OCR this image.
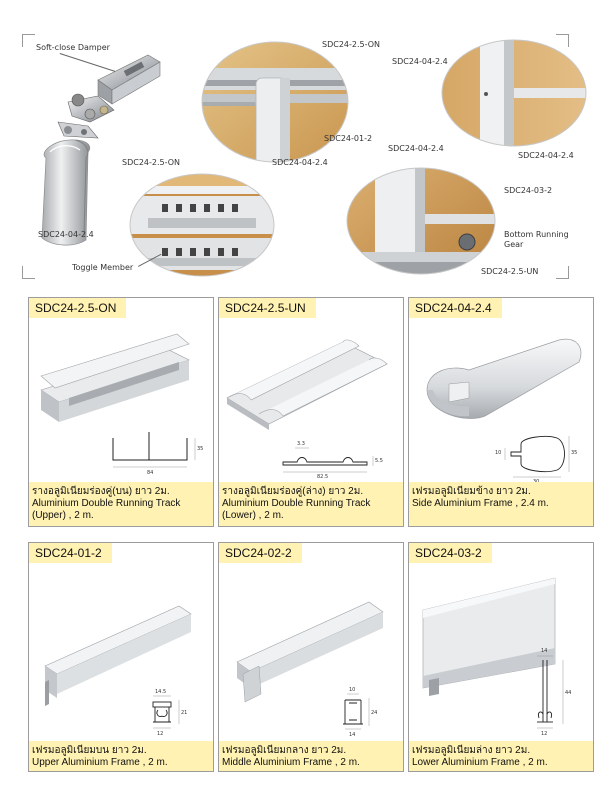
Soft-close Damper
SDC24-04-2.4
SDC24-2.5-ON
SDC24-01-2
SDC24-04-2.4
SDC24-2.5-ON
Toggle Member
SDC24-04-2.4
SDC24-04-2.4
SDC24-04-2.4
SDC24-03-2
Bottom Running
Gear
SDC24-2.5-UN
SDC24-2.5-ON
84
35
รางอลูมิเนียมร่องคู่(บน) ยาว 2ม.
Aluminium Double Running Track
(Upper) , 2 m.
SDC24-2.5-UN
82.5
5.5
3.3
รางอลูมิเนียมร่องคู่(ล่าง) ยาว 2ม.
Aluminium Double Running Track
(Lower) , 2 m.
SDC24-04-2.4
35
10
เฟรมอลูมิเนียมข้าง ยาว 2ม.
Side Aluminium Frame , 2.4 m.
SDC24-01-2
12
21
14.5
เฟรมอลูมิเนียมบน ยาว 2ม.
Upper Aluminium Frame , 2 m.
SDC24-02-2
14
24
10
เฟรมอลูมิเนียมกลาง ยาว 2ม.
Middle Aluminium Frame , 2 m.
SDC24-03-2
12
44
14
เฟรมอลูมิเนียมล่าง ยาว 2ม.
Lower Aluminium Frame , 2 m.
